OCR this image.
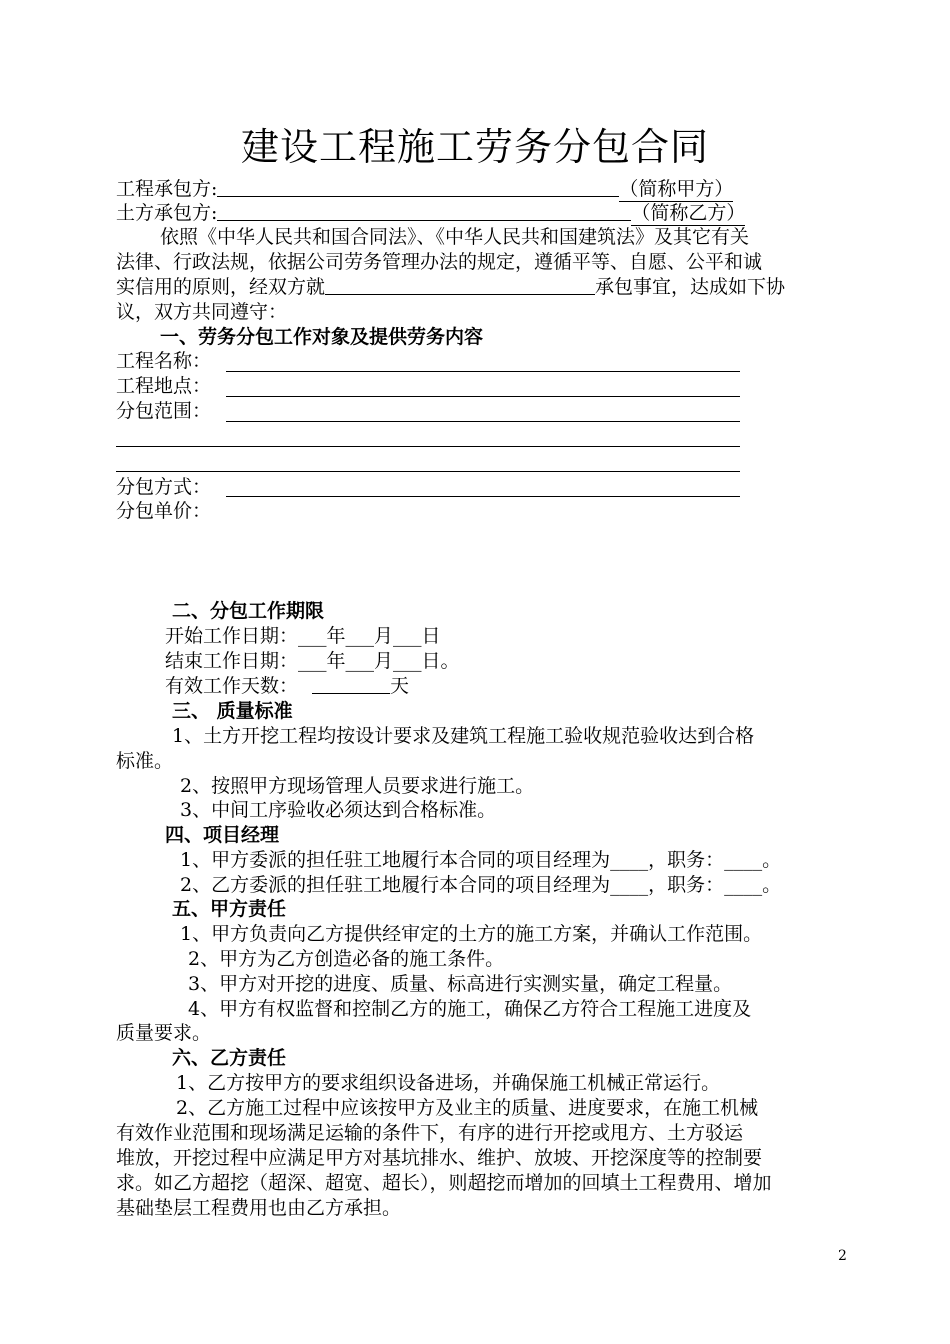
建设工程施工劳务分包合同
工程承包方:	（简称甲方）
土方承包方:	（简称乙方）
依照《中华人民共和国合同法》、《中华人民共和国建筑法》及其它有关
法律、行政法规，依据公司劳务管理办法的规定，遵循平等、自愿、公平和诚
实信用的原则，经双方就	承包事宜，达成如下协
议，双方共同遵守：
一、劳务分包工作对象及提供劳务内容
工程名称：
工程地点：
分包范围：
分包方式：
分包单价：
二、分包工作期限
开始工作日期：___年___月___日
结束工作日期：___年___月___日。
有效工作天数：	天
三、 质量标准
1、土方开挖工程均按设计要求及建筑工程施工验收规范验收达到合格
标准。
2、按照甲方现场管理人员要求进行施工。
3、中间工序验收必须达到合格标准。
四、项目经理
1、甲方委派的担任驻工地履行本合同的项目经理为____，职务：____。
2、乙方委派的担任驻工地履行本合同的项目经理为____，职务：____。
五、甲方责任
1、甲方负责向乙方提供经审定的土方的施工方案，并确认工作范围。
2、甲方为乙方创造必备的施工条件。
3、甲方对开挖的进度、质量、标高进行实测实量，确定工程量。
4、甲方有权监督和控制乙方的施工，确保乙方符合工程施工进度及
质量要求。
六、乙方责任
1、乙方按甲方的要求组织设备进场，并确保施工机械正常运行。
2、乙方施工过程中应该按甲方及业主的质量、进度要求，在施工机械
有效作业范围和现场满足运输的条件下，有序的进行开挖或甩方、土方驳运
堆放，开挖过程中应满足甲方对基坑排水、维护、放坡、开挖深度等的控制要
求。如乙方超挖（超深、超宽、超长），则超挖而增加的回填土工程费用、增加
基础垫层工程费用也由乙方承担。
2
